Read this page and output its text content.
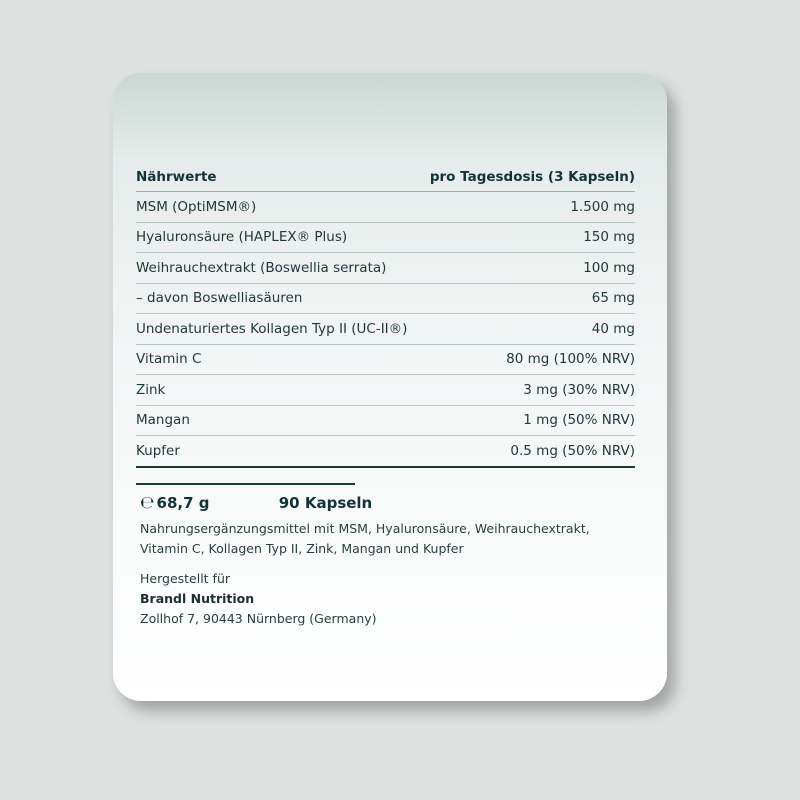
Nährwerte	pro Tagesdosis (3 Kapseln)
MSM (OptiMSM®)	1.500 mg
Hyaluronsäure (HAPLEX® Plus)	150 mg
Weihrauchextrakt (Boswellia serrata)	100 mg
– davon Boswelliasäuren	65 mg
Undenaturiertes Kollagen Typ II (UC-II®)	40 mg
Vitamin C	80 mg (100% NRV)
Zink	3 mg (30% NRV)
Mangan	1 mg (50% NRV)
Kupfer	0.5 mg (50% NRV)
℮ 68,7 g	90 Kapseln
Nahrungsergänzungsmittel mit MSM, Hyaluronsäure, Weihrauchextrakt,
Vitamin C, Kollagen Typ II, Zink, Mangan und Kupfer
Hergestellt für
Brandl Nutrition
Zollhof 7, 90443 Nürnberg (Germany)
